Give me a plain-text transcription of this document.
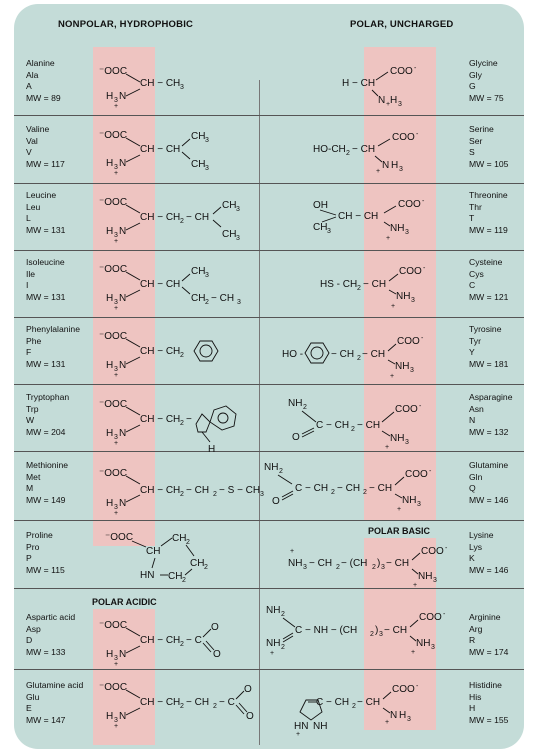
NONPOLAR, HYDROPHOBIC	POLAR, UNCHARGED
POLAR ACIDIC
POLAR BASIC
Alanine
Ala
A
MW = 89
Valine
Val
V
MW = 117
Leucine
Leu
L
MW = 131
Isoleucine
Ile
I
MW = 131
Phenylalanine
Phe
F
MW = 131
Tryptophan
Trp
W
MW = 204
Methionine
Met
M
MW = 149
Proline
Pro
P
MW = 115
Aspartic acid
Asp
D
MW = 133
Glutamine acid
Glu
E
MW = 147
Glycine
Gly
G
MW = 75
Serine
Ser
S
MW = 105
Threonine
Thr
T
MW = 119
Cysteine
Cys
C
MW = 121
Tyrosine
Tyr
Y
MW = 181
Asparagine
Asn
N
MW = 132
Glutamine
Gln
Q
MW = 146
Lysine
Lys
K
MW = 146
Arginine
Arg
R
MW = 174
Histidine
His
H
MW = 155
⁻OOC
CH − CH 3
H 3 N
+
⁻OOC
CH − CH
CH 3
CH 3
H 3 N
+
⁻OOC
CH − CH 2 − CH
CH 3
CH 3
H 3 N
+
⁻OOC
CH − CH
CH 3
CH 2 − CH 3
H 3 N
+
⁻OOC
CH − CH 2
H 3 N
+
⁻OOC
CH − CH 2 −
H
H 3 N
+
⁻OOC
CH − CH 2 − CH 2 − S − CH 3
H 3 N
+
⁻OOC
CH
CH 2
CH 2
HN CH 2
⁻OOC
CH − CH 2 − C
O
O
H 3 N
+
⁻OOC
CH − CH 2 − CH 2 − C
O
O
H 3 N
+
H − CH
COO -
N + H 3
HO-CH 2 − CH
COO -
N
+
H 3
OH
CH 3
CH − CH
COO -
NH 3
+
HS - CH 2 − CH
COO -
NH 3
+
HO -	− CH 2 − CH
COO -
NH 3
+
NH 2
C − CH 2 − CH
O
COO -
NH 3
+
NH 2
C − CH 2 − CH 2 − CH
O
COO -
NH 3
+
+
NH 3 − CH 2 − (CH 2 ) 3 − CH
COO -
NH 3
+
NH 2
C − NH − (CH 2 ) 3 − CH
NH 2
+
COO -
NH 3
+
C − CH 2 − CH
HN NH
+
COO -
N
+
H 3
